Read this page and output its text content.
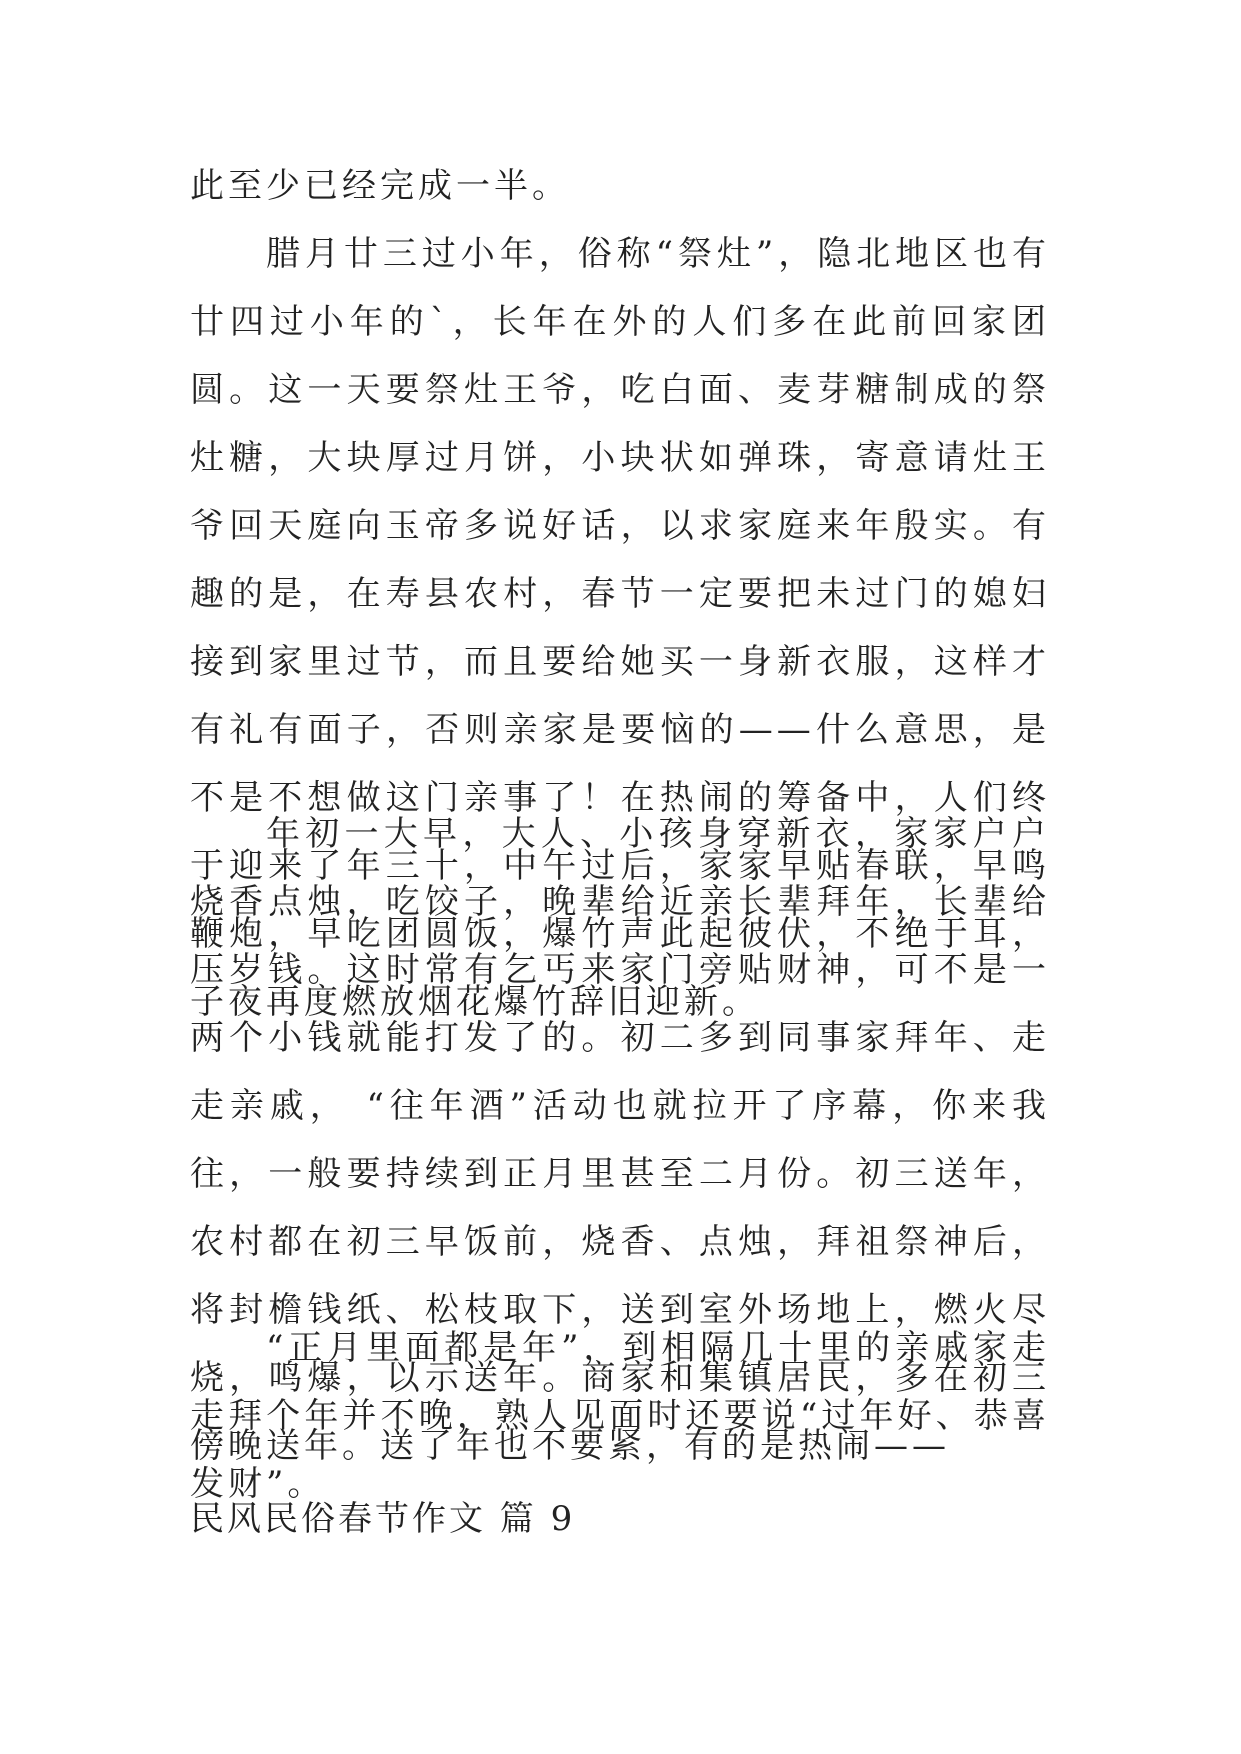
此至少已经完成一半。
腊月廿三过小年，俗称“祭灶”，隐北地区也有廿四过小年的`，长年在外的人们多在此前回家团圆。这一天要祭灶王爷，吃白面、麦芽糖制成的祭灶糖，大块厚过月饼，小块状如弹珠，寄意请灶王爷回天庭向玉帝多说好话，以求家庭来年殷实。有趣的是，在寿县农村，春节一定要把未过门的媳妇接到家里过节，而且要给她买一身新衣服，这样才有礼有面子，否则亲家是要恼的——什么意思，是不是不想做这门亲事了！在热闹的筹备中，人们终于迎来了年三十，中午过后，家家早贴春联，早鸣鞭炮，早吃团圆饭，爆竹声此起彼伏，不绝于耳，子夜再度燃放烟花爆竹辞旧迎新。
年初一大早，大人、小孩身穿新衣，家家户户烧香点烛，吃饺子，晚辈给近亲长辈拜年，长辈给压岁钱。这时常有乞丐来家门旁贴财神，可不是一两个小钱就能打发了的。初二多到同事家拜年、走走亲戚， “往年酒”活动也就拉开了序幕，你来我往，一般要持续到正月里甚至二月份。初三送年，农村都在初三早饭前，烧香、点烛，拜祖祭神后，将封檐钱纸、松枝取下，送到室外场地上，燃火尽烧，鸣爆，以示送年。商家和集镇居民，多在初三傍晚送年。送了年也不要紧，有的是热闹——
“正月里面都是年”，到相隔几十里的亲戚家走走拜个年并不晚，熟人见面时还要说“过年好、恭喜发财”。
民风民俗春节作文 篇 9
